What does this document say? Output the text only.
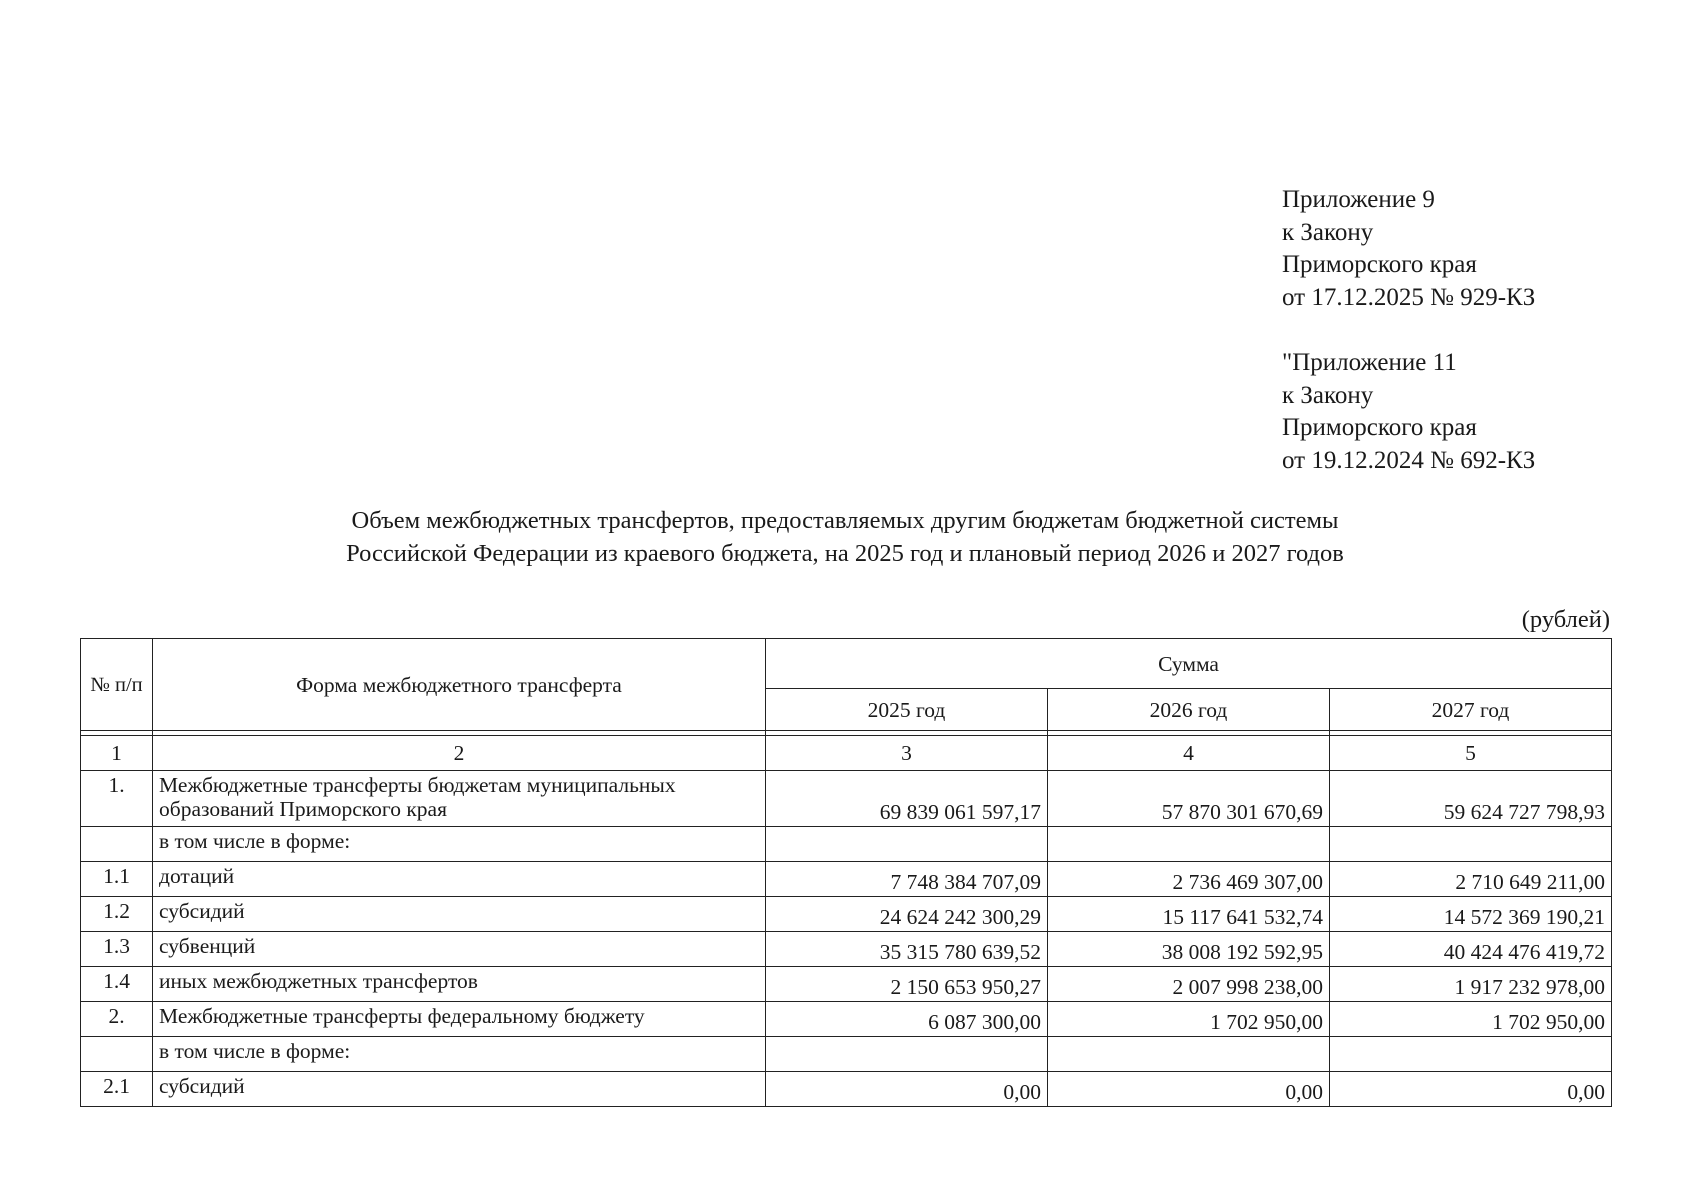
Приложение 9
к Закону
Приморского края
от 17.12.2025 № 929-КЗ
"Приложение 11
к Закону
Приморского края
от 19.12.2024 № 692-КЗ
Объем межбюджетных трансфертов, предоставляемых другим бюджетам бюджетной системы
Российской Федерации из краевого бюджета, на 2025 год и плановый период 2026 и 2027 годов
(рублей)
№ п/п	Форма межбюджетного трансферта	Сумма		
		2025 год	2026 год	2027 год

1	2	3	4	5
1.	Межбюджетные трансферты бюджетам муниципальных образований Приморского края	69 839 061 597,17	57 870 301 670,69	59 624 727 798,93
	в том числе в форме:			
1.1	дотаций	7 748 384 707,09	2 736 469 307,00	2 710 649 211,00
1.2	субсидий	24 624 242 300,29	15 117 641 532,74	14 572 369 190,21
1.3	субвенций	35 315 780 639,52	38 008 192 592,95	40 424 476 419,72
1.4	иных межбюджетных трансфертов	2 150 653 950,27	2 007 998 238,00	1 917 232 978,00
2.	Межбюджетные трансферты федеральному бюджету	6 087 300,00	1 702 950,00	1 702 950,00
	в том числе в форме:			
2.1	субсидий	0,00	0,00	0,00
